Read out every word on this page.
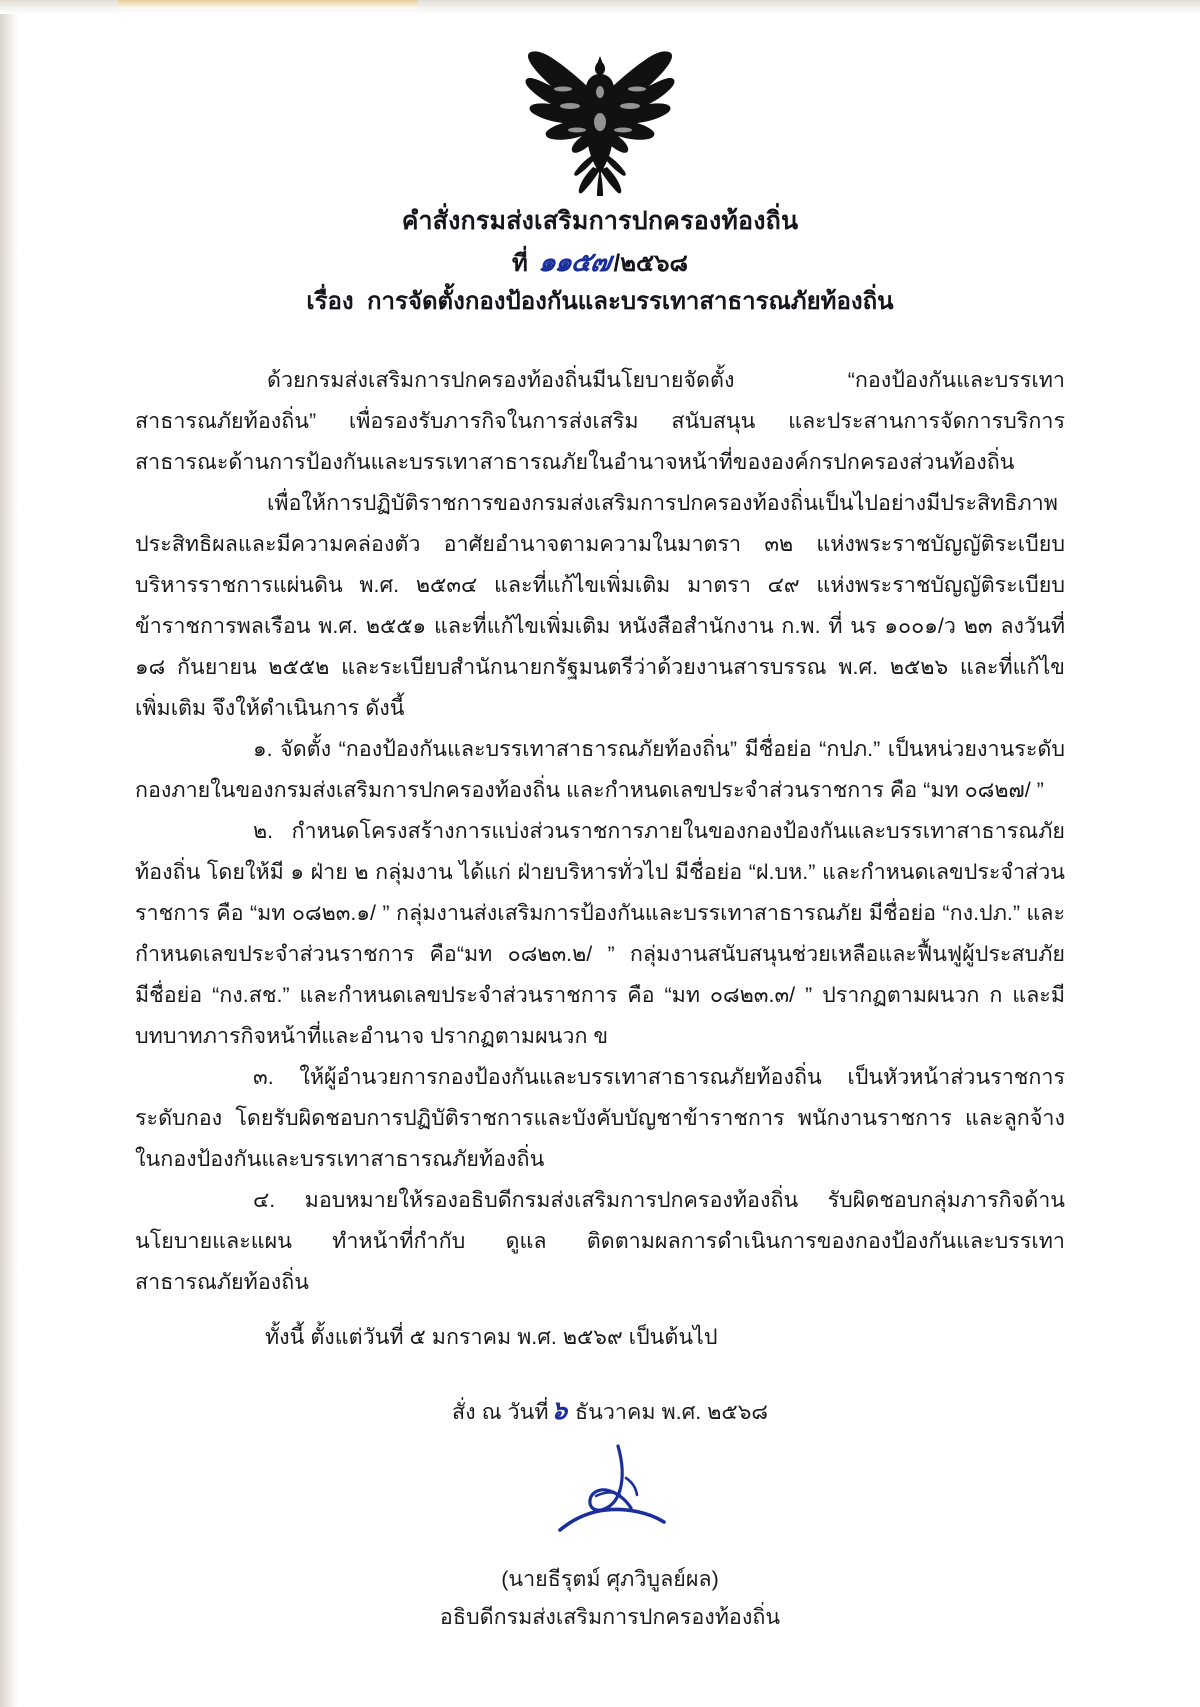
คำสั่งกรมส่งเสริมการปกครองท้องถิ่น
ที่ ๑๑๕๗/๒๕๖๘
เรื่อง การจัดตั้งกองป้องกันและบรรเทาสาธารณภัยท้องถิ่น

ด้วยกรมส่งเสริมการปกครองท้องถิ่นมีนโยบายจัดตั้ง “กองป้องกันและบรรเทาสาธารณภัยท้องถิ่น” เพื่อรองรับภารกิจในการส่งเสริม สนับสนุน และประสานการจัดการบริการสาธารณะด้านการป้องกันและบรรเทาสาธารณภัยในอำนาจหน้าที่ขององค์กรปกครองส่วนท้องถิ่น

เพื่อให้การปฏิบัติราชการของกรมส่งเสริมการปกครองท้องถิ่นเป็นไปอย่างมีประสิทธิภาพ ประสิทธิผลและมีความคล่องตัว อาศัยอำนาจตามความในมาตรา ๓๒ แห่งพระราชบัญญัติระเบียบบริหารราชการแผ่นดิน พ.ศ. ๒๕๓๔ และที่แก้ไขเพิ่มเติม มาตรา ๔๙ แห่งพระราชบัญญัติระเบียบข้าราชการพลเรือน พ.ศ. ๒๕๕๑ และที่แก้ไขเพิ่มเติม หนังสือสำนักงาน ก.พ. ที่ นร ๑๐๐๑/ว ๒๓ ลงวันที่ ๑๘ กันยายน ๒๕๕๒ และระเบียบสำนักนายกรัฐมนตรีว่าด้วยงานสารบรรณ พ.ศ. ๒๕๒๖ และที่แก้ไขเพิ่มเติม จึงให้ดำเนินการ ดังนี้

๑. จัดตั้ง “กองป้องกันและบรรเทาสาธารณภัยท้องถิ่น” มีชื่อย่อ “กปภ.” เป็นหน่วยงานระดับกองภายในของกรมส่งเสริมการปกครองท้องถิ่น และกำหนดเลขประจำส่วนราชการ คือ “มท ๐๘๒๗/ ”

๒. กำหนดโครงสร้างการแบ่งส่วนราชการภายในของกองป้องกันและบรรเทาสาธารณภัยท้องถิ่น โดยให้มี ๑ ฝ่าย ๒ กลุ่มงาน ได้แก่ ฝ่ายบริหารทั่วไป มีชื่อย่อ “ฝ.บห.” และกำหนดเลขประจำส่วนราชการ คือ “มท ๐๘๒๓.๑/ ” กลุ่มงานส่งเสริมการป้องกันและบรรเทาสาธารณภัย มีชื่อย่อ “กง.ปภ.” และกำหนดเลขประจำส่วนราชการ คือ“มท ๐๘๒๓.๒/ ” กลุ่มงานสนับสนุนช่วยเหลือและฟื้นฟูผู้ประสบภัย มีชื่อย่อ “กง.สช.” และกำหนดเลขประจำส่วนราชการ คือ “มท ๐๘๒๓.๓/ ” ปรากฏตามผนวก ก และมีบทบาทภารกิจหน้าที่และอำนาจ ปรากฏตามผนวก ข

๓. ให้ผู้อำนวยการกองป้องกันและบรรเทาสาธารณภัยท้องถิ่น เป็นหัวหน้าส่วนราชการระดับกอง โดยรับผิดชอบการปฏิบัติราชการและบังคับบัญชาข้าราชการ พนักงานราชการ และลูกจ้างในกองป้องกันและบรรเทาสาธารณภัยท้องถิ่น

๔. มอบหมายให้รองอธิบดีกรมส่งเสริมการปกครองท้องถิ่น รับผิดชอบกลุ่มภารกิจด้านนโยบายและแผน ทำหน้าที่กำกับ ดูแล ติดตามผลการดำเนินการของกองป้องกันและบรรเทาสาธารณภัยท้องถิ่น

ทั้งนี้ ตั้งแต่วันที่ ๕ มกราคม พ.ศ. ๒๕๖๙ เป็นต้นไป

สั่ง ณ วันที่๖ ธันวาคม พ.ศ. ๒๕๖๘
(นายธีรุตม์ ศุภวิบูลย์ผล)
อธิบดีกรมส่งเสริมการปกครองท้องถิ่น
